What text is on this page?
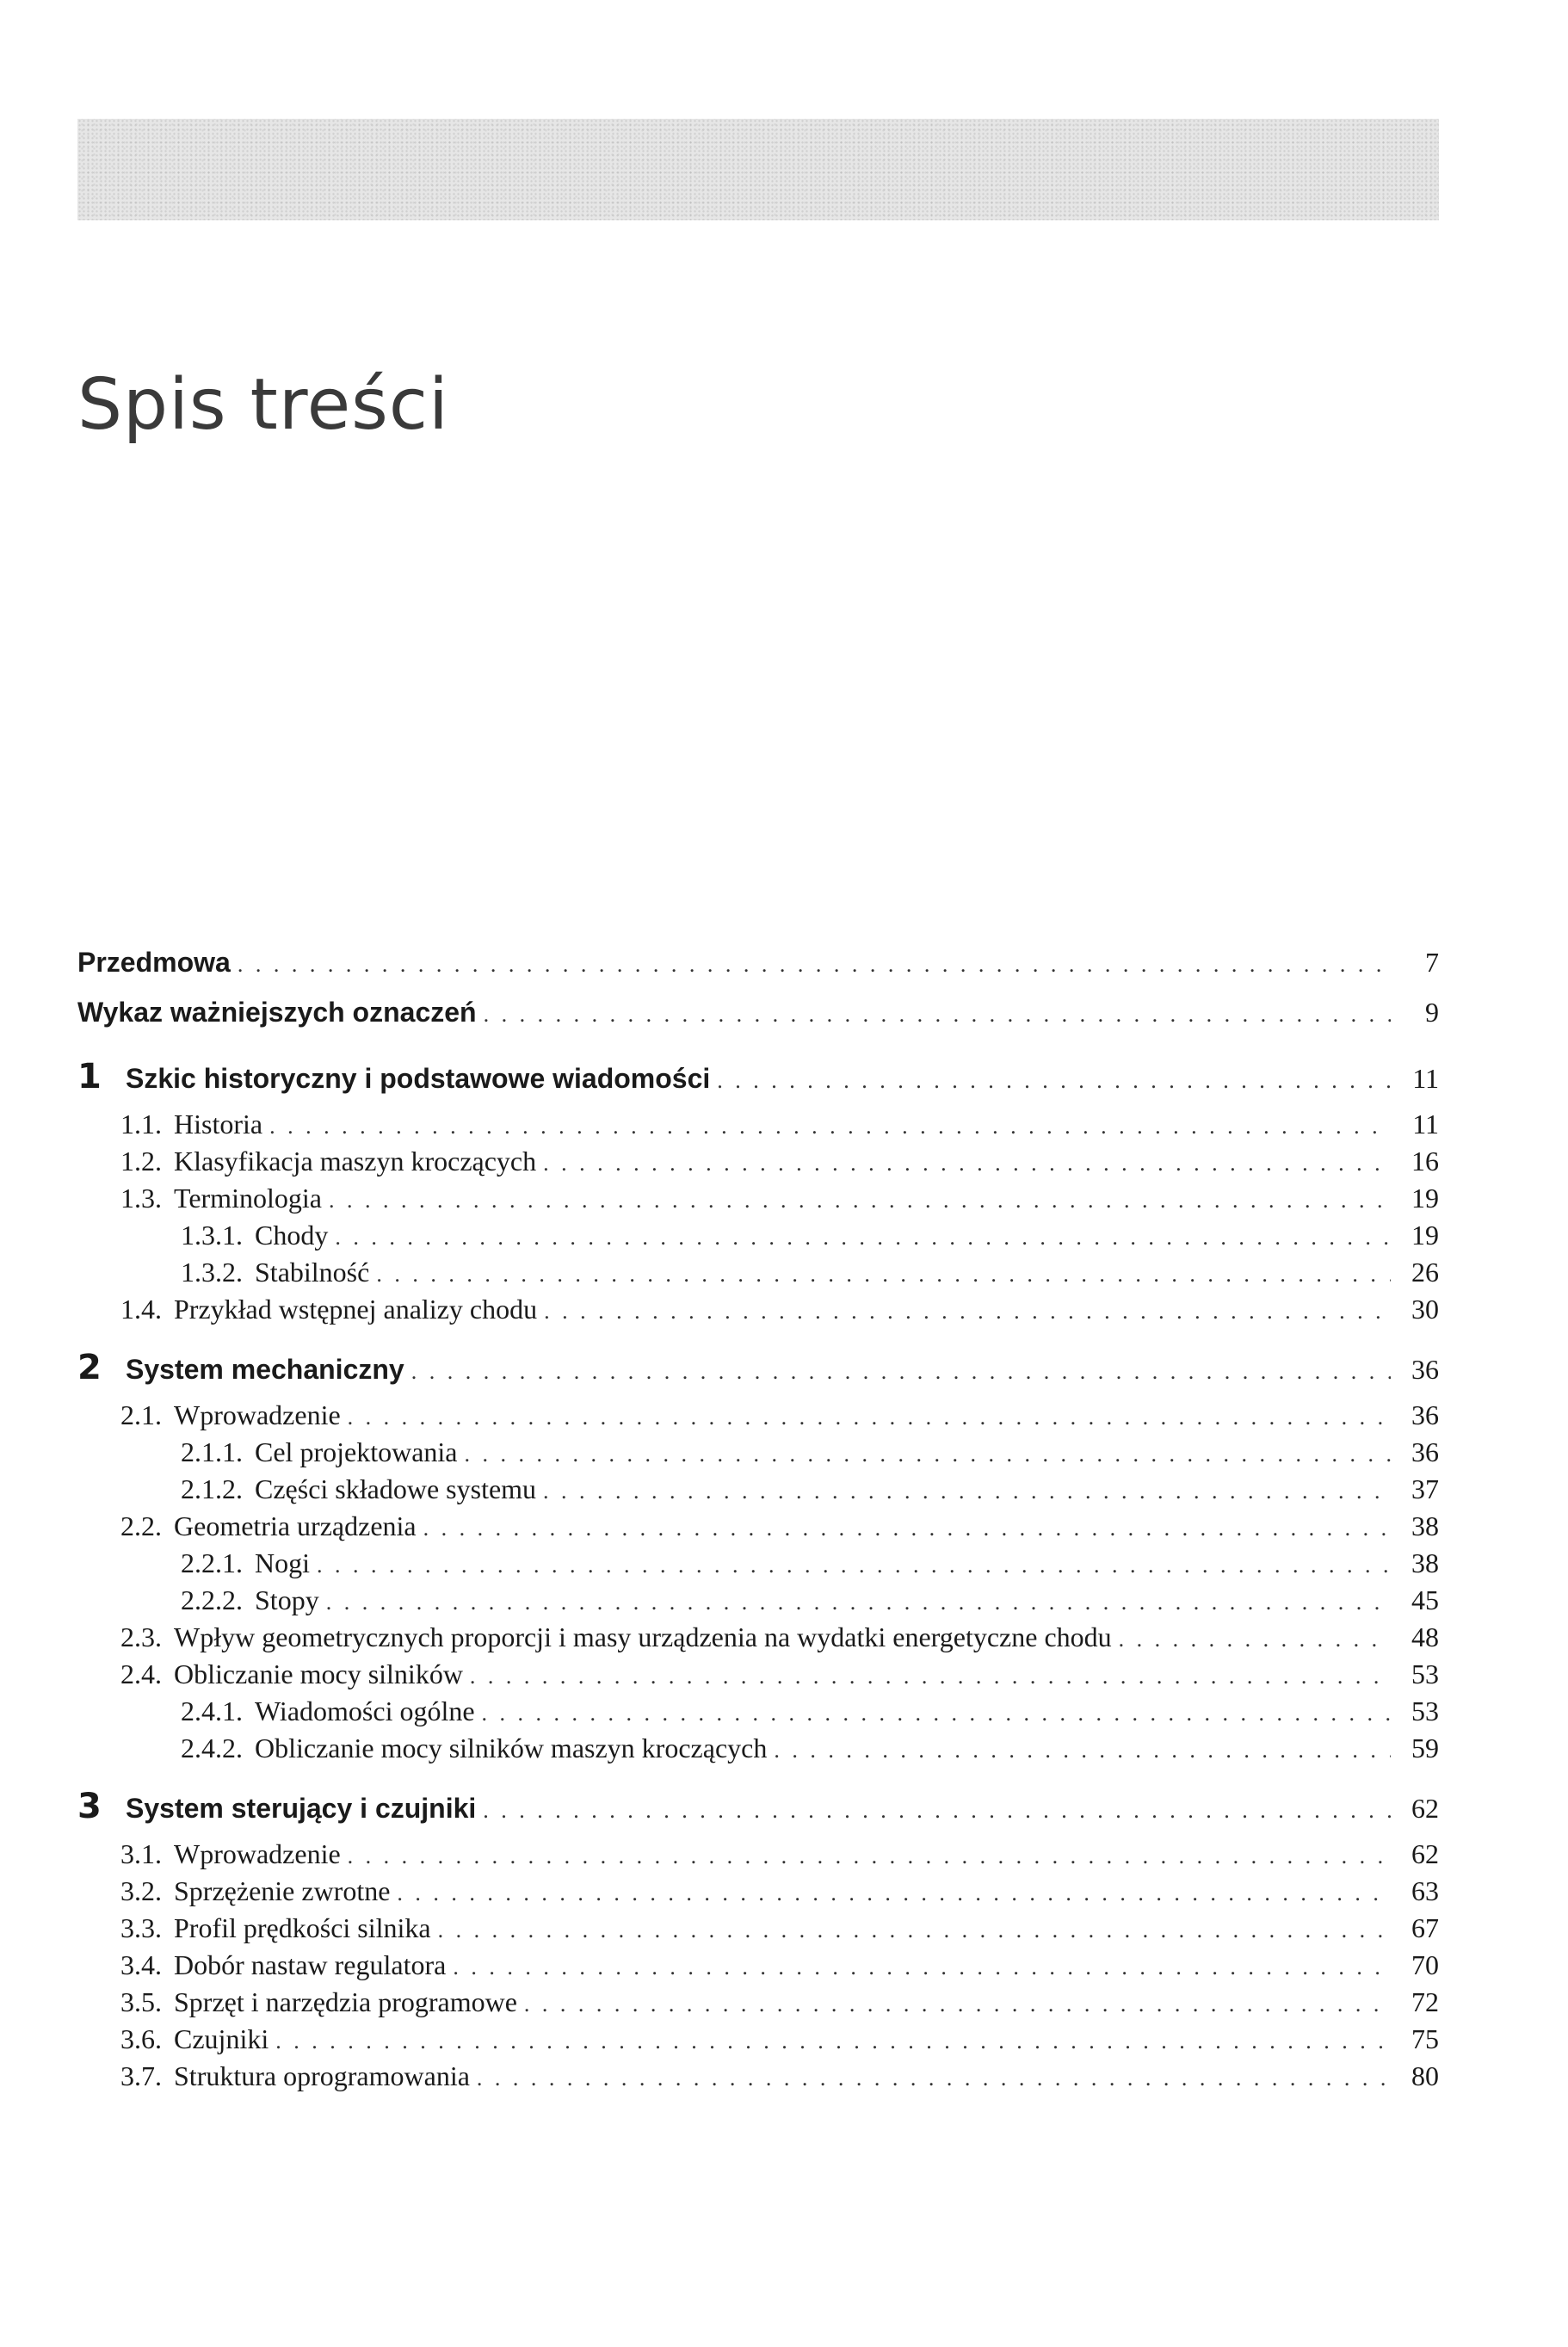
Spis treści
Przedmowa . . .	7
Wykaz ważniejszych oznaczeń . . .	9
1 Szkic historyczny i podstawowe wiadomości . . .	11
1.1. Historia . . .	11
1.2. Klasyfikacja maszyn kroczących . . .	16
1.3. Terminologia . . .	19
1.3.1. Chody . . .	19
1.3.2. Stabilność . . .	26
1.4. Przykład wstępnej analizy chodu . . .	30
2 System mechaniczny . . .	36
2.1. Wprowadzenie . . .	36
2.1.1. Cel projektowania . . .	36
2.1.2. Części składowe systemu . . .	37
2.2. Geometria urządzenia . . .	38
2.2.1. Nogi . . .	38
2.2.2. Stopy . . .	45
2.3. Wpływ geometrycznych proporcji i masy urządzenia na wydatki energetyczne chodu . . .	48
2.4. Obliczanie mocy silników . . .	53
2.4.1. Wiadomości ogólne . . .	53
2.4.2. Obliczanie mocy silników maszyn kroczących . . .	59
3 System sterujący i czujniki . . .	62
3.1. Wprowadzenie . . .	62
3.2. Sprzężenie zwrotne . . .	63
3.3. Profil prędkości silnika . . .	67
3.4. Dobór nastaw regulatora . . .	70
3.5. Sprzęt i narzędzia programowe . . .	72
3.6. Czujniki . . .	75
3.7. Struktura oprogramowania . . .	80
